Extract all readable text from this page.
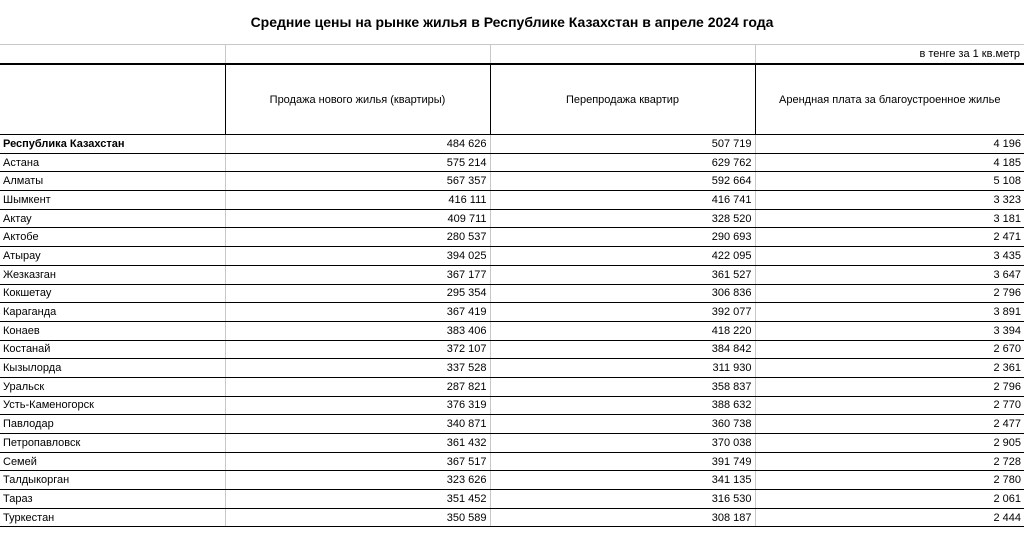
Средние цены на рынке жилья в Республике Казахстан в апреле 2024 года
в тенге за 1 кв.метр
	Продажа нового жилья (квартиры)	Перепродажа квартир	Арендная плата за благоустроенное жилье
Республика Казахстан	484 626	507 719	4 196
Астана	575 214	629 762	4 185
Алматы	567 357	592 664	5 108
Шымкент	416 111	416 741	3 323
Актау	409 711	328 520	3 181
Актобе	280 537	290 693	2 471
Атырау	394 025	422 095	3 435
Жезказган	367 177	361 527	3 647
Кокшетау	295 354	306 836	2 796
Караганда	367 419	392 077	3 891
Конаев	383 406	418 220	3 394
Костанай	372 107	384 842	2 670
Кызылорда	337 528	311 930	2 361
Уральск	287 821	358 837	2 796
Усть-Каменогорск	376 319	388 632	2 770
Павлодар	340 871	360 738	2 477
Петропавловск	361 432	370 038	2 905
Семей	367 517	391 749	2 728
Талдыкорган	323 626	341 135	2 780
Тараз	351 452	316 530	2 061
Туркестан	350 589	308 187	2 444
